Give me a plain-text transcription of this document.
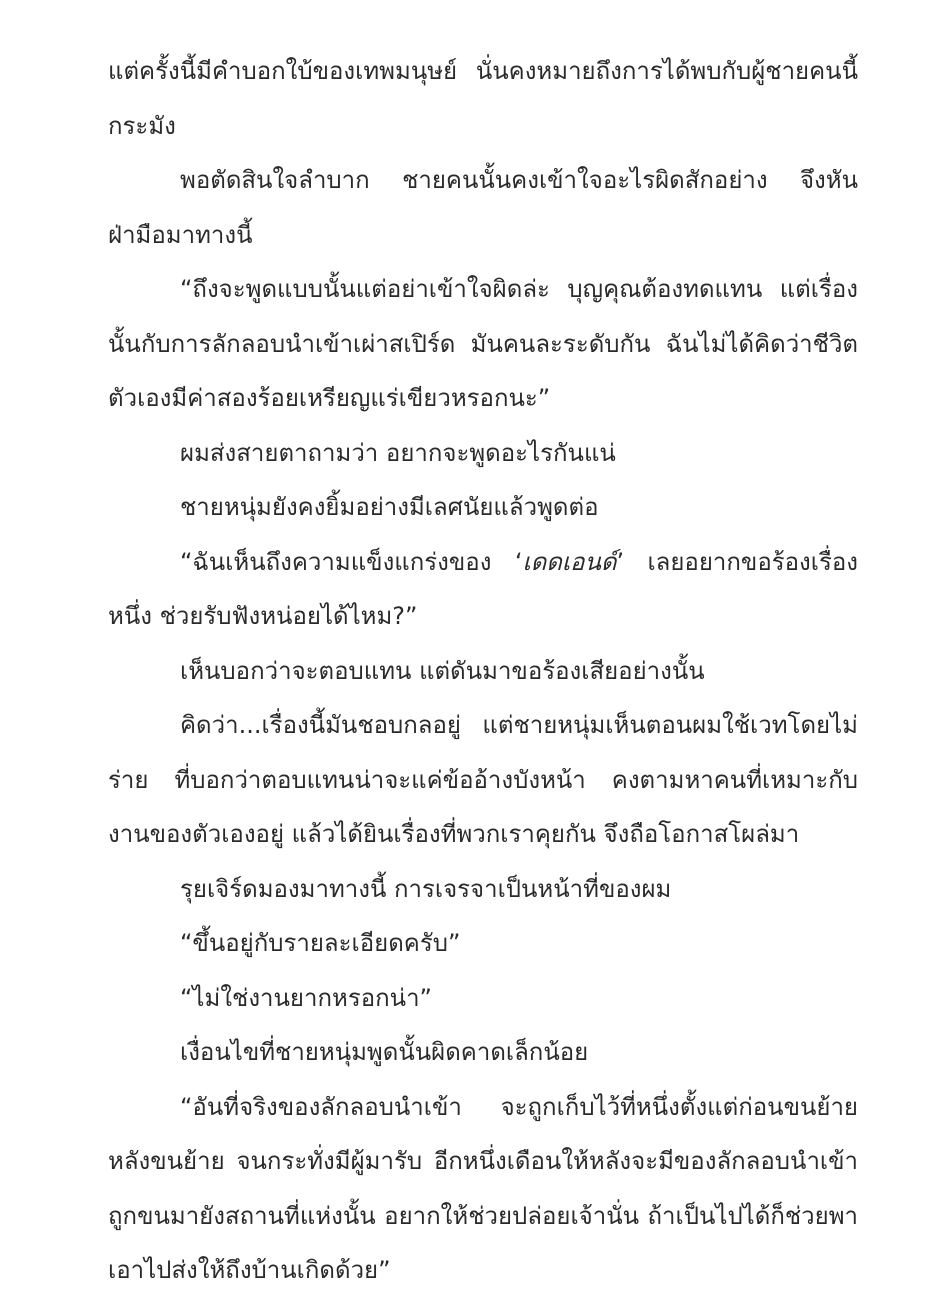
แต่ครั้งนี้มีคำบอกใบ้ของเทพมนุษย์ นั่นคงหมายถึงการได้พบกับผู้ชายคนนี้กระมัง

พอตัดสินใจลำบาก ชายคนนั้นคงเข้าใจอะไรผิดสักอย่าง จึงหันฝ่ามือมาทางนี้

“ถึงจะพูดแบบนั้นแต่อย่าเข้าใจผิดล่ะ บุญคุณต้องทดแทน แต่เรื่องนั้นกับการลักลอบนำเข้าเผ่าสเปิร์ด มันคนละระดับกัน ฉันไม่ได้คิดว่าชีวิตตัวเองมีค่าสองร้อยเหรียญแร่เขียวหรอกนะ”

ผมส่งสายตาถามว่า อยากจะพูดอะไรกันแน่

ชายหนุ่มยังคงยิ้มอย่างมีเลศนัยแล้วพูดต่อ

“ฉันเห็นถึงความแข็งแกร่งของ ‘เดดเอนด์’ เลยอยากขอร้องเรื่องหนึ่ง ช่วยรับฟังหน่อยได้ไหม?”

เห็นบอกว่าจะตอบแทน แต่ดันมาขอร้องเสียอย่างนั้น

คิดว่า...เรื่องนี้มันชอบกลอยู่ แต่ชายหนุ่มเห็นตอนผมใช้เวทโดยไม่ร่าย ที่บอกว่าตอบแทนน่าจะแค่ข้ออ้างบังหน้า คงตามหาคนที่เหมาะกับงานของตัวเองอยู่ แล้วได้ยินเรื่องที่พวกเราคุยกัน จึงถือโอกาสโผล่มา

รุยเจิร์ดมองมาทางนี้ การเจรจาเป็นหน้าที่ของผม

“ขึ้นอยู่กับรายละเอียดครับ”

“ไม่ใช่งานยากหรอกน่า”

เงื่อนไขที่ชายหนุ่มพูดนั้นผิดคาดเล็กน้อย

“อันที่จริงของลักลอบนำเข้า จะถูกเก็บไว้ที่หนึ่งตั้งแต่ก่อนขนย้ายหลังขนย้าย จนกระทั่งมีผู้มารับ อีกหนึ่งเดือนให้หลังจะมีของลักลอบนำเข้าถูกขนมายังสถานที่แห่งนั้น อยากให้ช่วยปล่อยเจ้านั่น ถ้าเป็นไปได้ก็ช่วยพาเอาไปส่งให้ถึงบ้านเกิดด้วย”
